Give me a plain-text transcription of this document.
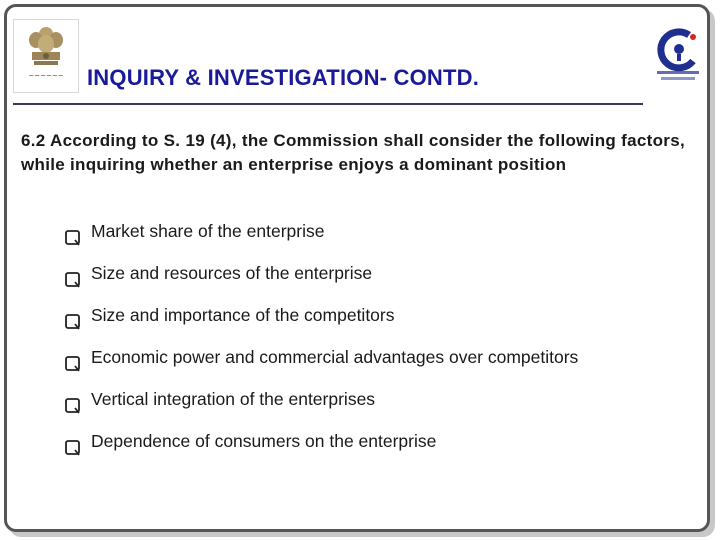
~~~~~~ INQUIRY & INVESTIGATION- CONTD.
6.2 According to S. 19 (4), the Commission shall consider the following factors, while inquiring whether an enterprise enjoys a dominant position
Market share of the enterprise
Size and resources of the enterprise
Size and importance of the competitors
Economic power and commercial advantages over competitors
Vertical integration of the enterprises
Dependence of consumers on the enterprise
